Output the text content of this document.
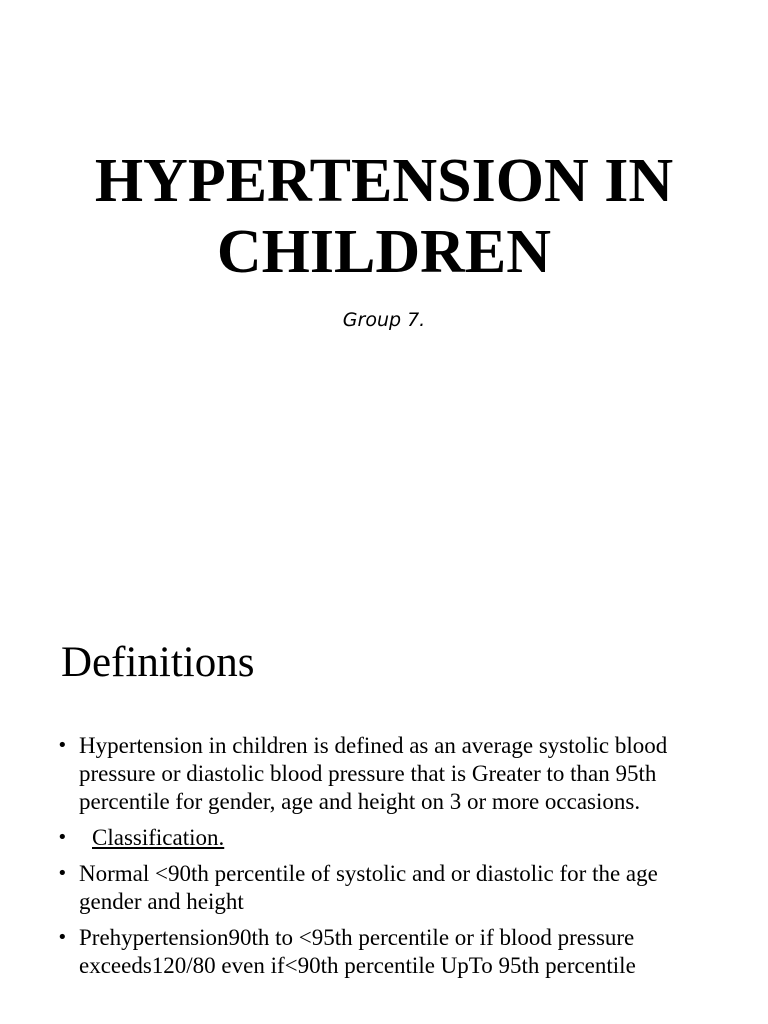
HYPERTENSION IN
CHILDREN

Group 7.

Definitions
• Hypertension in children is defined as an average systolic blood pressure or diastolic blood pressure that is Greater to than 95th percentile for gender, age and height on 3 or more occasions.
• Classification.
• Normal <90th percentile of systolic and or diastolic for the age gender and height
• Prehypertension90th to <95th percentile or if blood pressure exceeds120/80 even if<90th percentile UpTo 95th percentile
